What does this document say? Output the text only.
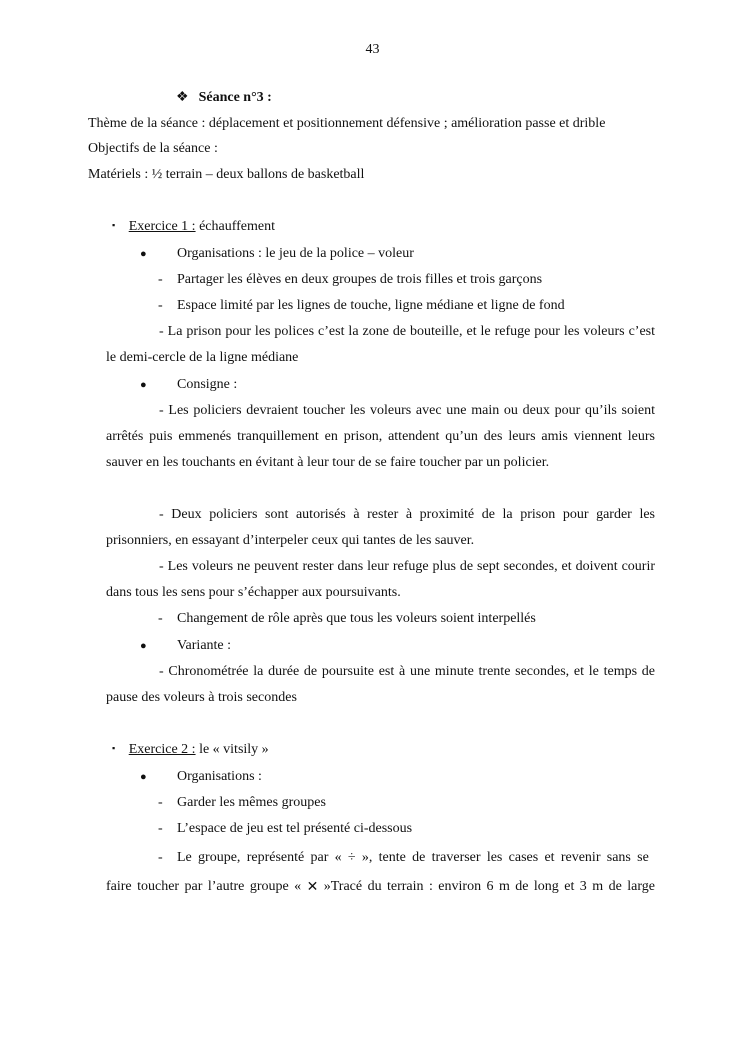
43
❖ Séance n°3 :
Thème de la séance : déplacement et positionnement défensive ; amélioration passe et drible
Objectifs de la séance :
Matériels : ½ terrain – deux ballons de basketball
▪ Exercice 1 : échauffement
● Organisations : le jeu de la police – voleur
- Partager les élèves en deux groupes de trois filles et trois garçons
- Espace limité par les lignes de touche, ligne médiane et ligne de fond
- La prison pour les polices c’est la zone de bouteille, et le refuge pour les voleurs c’est le demi-cercle de la ligne médiane
● Consigne :
- Les policiers devraient toucher les voleurs avec une main ou deux pour qu’ils soient arrêtés puis emmenés tranquillement en prison, attendent qu’un des leurs amis viennent leurs sauver en les touchants en évitant à leur tour de se faire toucher par un policier.
- Deux policiers sont autorisés à rester à proximité de la prison pour garder les prisonniers, en essayant d’interpeler ceux qui tantes de les sauver.
- Les voleurs ne peuvent rester dans leur refuge plus de sept secondes, et doivent courir dans tous les sens pour s’échapper aux poursuivants.
- Changement de rôle après que tous les voleurs soient interpellés
● Variante :
- Chronométrée la durée de poursuite est à une minute trente secondes, et le temps de pause des voleurs à trois secondes
▪ Exercice 2 : le « vitsily »
● Organisations :
- Garder les mêmes groupes
- L’espace de jeu est tel présenté ci-dessous
- Le groupe, représenté par « ÷ », tente de traverser les cases et revenir sans se
faire toucher par l’autre groupe « ✕ »Tracé du terrain : environ 6 m de long et 3 m de large
